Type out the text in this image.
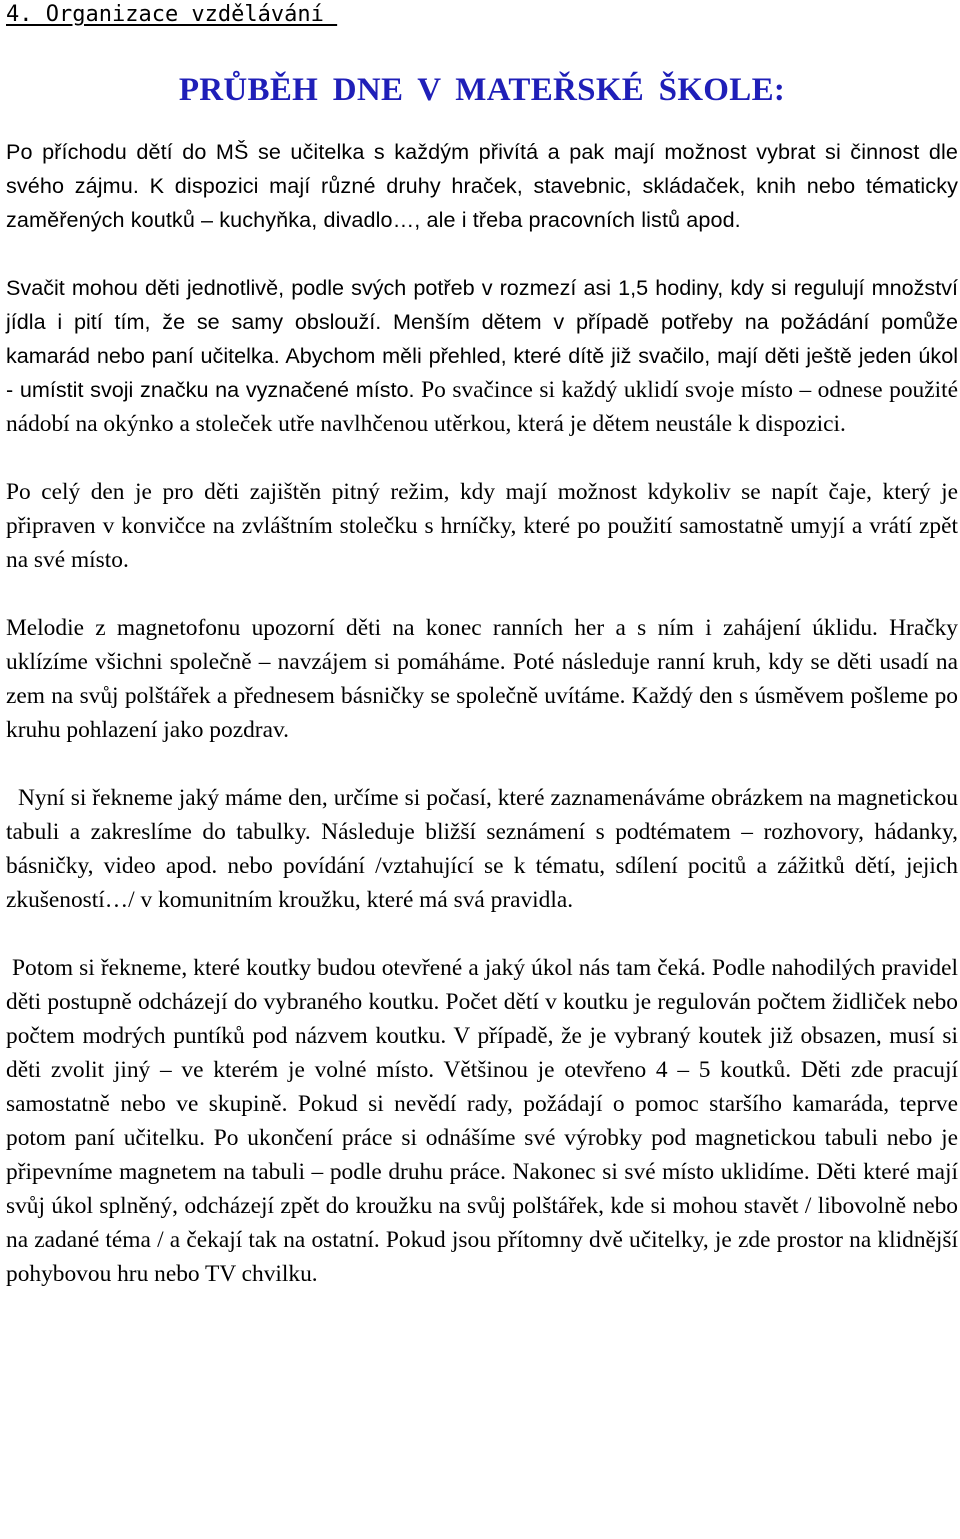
4. Organizace vzdělávání
PRŮBĚH DNE V MATEŘSKÉ ŠKOLE:

Po příchodu dětí do MŠ se učitelka s každým přivítá a pak mají možnost vybrat si činnost dle svého zájmu. K dispozici mají různé druhy hraček, stavebnic, skládaček, knih nebo tématicky zaměřených koutků – kuchyňka, divadlo…, ale i třeba pracovních listů apod.

Svačit mohou děti jednotlivě, podle svých potřeb v rozmezí asi 1,5 hodiny, kdy si regulují množství jídla i pití tím, že se samy obslouží. Menším dětem v případě potřeby na požádání pomůže kamarád nebo paní učitelka. Abychom měli přehled, které dítě již svačilo, mají děti ještě jeden úkol - umístit svoji značku na vyznačené místo. Po svačince si každý uklidí svoje místo – odnese použité nádobí na okýnko a stoleček utře navlhčenou utěrkou, která je dětem neustále k dispozici.

Po celý den je pro děti zajištěn pitný režim, kdy mají možnost kdykoliv se napít čaje, který je připraven v konvičce na zvláštním stolečku s hrníčky, které po použití samostatně umyjí a vrátí zpět na své místo.

Melodie z magnetofonu upozorní děti na konec ranních her a s ním i zahájení úklidu. Hračky uklízíme všichni společně – navzájem si pomáháme. Poté následuje ranní kruh, kdy se děti usadí na zem na svůj polštářek a přednesem básničky se společně uvítáme. Každý den s úsměvem pošleme po kruhu pohlazení jako pozdrav.

Nyní si řekneme jaký máme den, určíme si počasí, které zaznamenáváme obrázkem na magnetickou tabuli a zakreslíme do tabulky. Následuje bližší seznámení s podtématem – rozhovory, hádanky, básničky, video apod. nebo povídání /vztahující se k tématu, sdílení pocitů a zážitků dětí, jejich zkušeností…/ v komunitním kroužku, které má svá pravidla.

Potom si řekneme, které koutky budou otevřené a jaký úkol nás tam čeká. Podle nahodilých pravidel děti postupně odcházejí do vybraného koutku. Počet dětí v koutku je regulován počtem židliček nebo počtem modrých puntíků pod názvem koutku. V případě, že je vybraný koutek již obsazen, musí si děti zvolit jiný – ve kterém je volné místo. Většinou je otevřeno 4 – 5 koutků. Děti zde pracují samostatně nebo ve skupině. Pokud si nevědí rady, požádají o pomoc staršího kamaráda, teprve potom paní učitelku. Po ukončení práce si odnášíme své výrobky pod magnetickou tabuli nebo je připevníme magnetem na tabuli – podle druhu práce. Nakonec si své místo uklidíme. Děti které mají svůj úkol splněný, odcházejí zpět do kroužku na svůj polštářek, kde si mohou stavět / libovolně nebo na zadané téma / a čekají tak na ostatní. Pokud jsou přítomny dvě učitelky, je zde prostor na klidnější pohybovou hru nebo TV chvilku.
